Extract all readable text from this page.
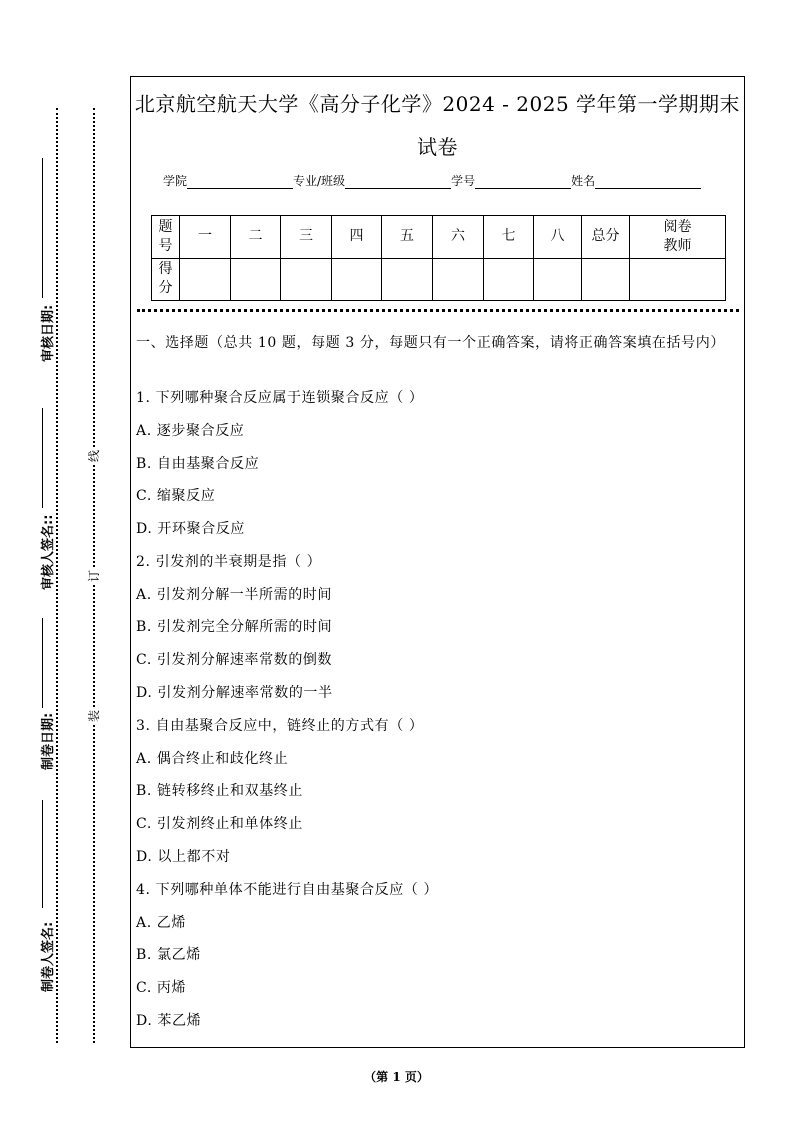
线
订
装
审核日期:
审核人签名::
制卷日期:
制卷人签名:
北京航空航天大学《高分子化学》2024 - 2025 学年第一学期期末
试卷
学院	专业/班级	学号	姓名
题号	一	二	三	四	五	六	七	八	总分	阅卷教师
得分										
一、选择题（总共 10 题，每题 3 分，每题只有一个正确答案，请将正确答案填在括号内）
1. 下列哪种聚合反应属于连锁聚合反应（ ）
A. 逐步聚合反应
B. 自由基聚合反应
C. 缩聚反应
D. 开环聚合反应
2. 引发剂的半衰期是指（ ）
A. 引发剂分解一半所需的时间
B. 引发剂完全分解所需的时间
C. 引发剂分解速率常数的倒数
D. 引发剂分解速率常数的一半
3. 自由基聚合反应中，链终止的方式有（ ）
A. 偶合终止和歧化终止
B. 链转移终止和双基终止
C. 引发剂终止和单体终止
D. 以上都不对
4. 下列哪种单体不能进行自由基聚合反应（ ）
A. 乙烯
B. 氯乙烯
C. 丙烯
D. 苯乙烯
（第 1 页）
